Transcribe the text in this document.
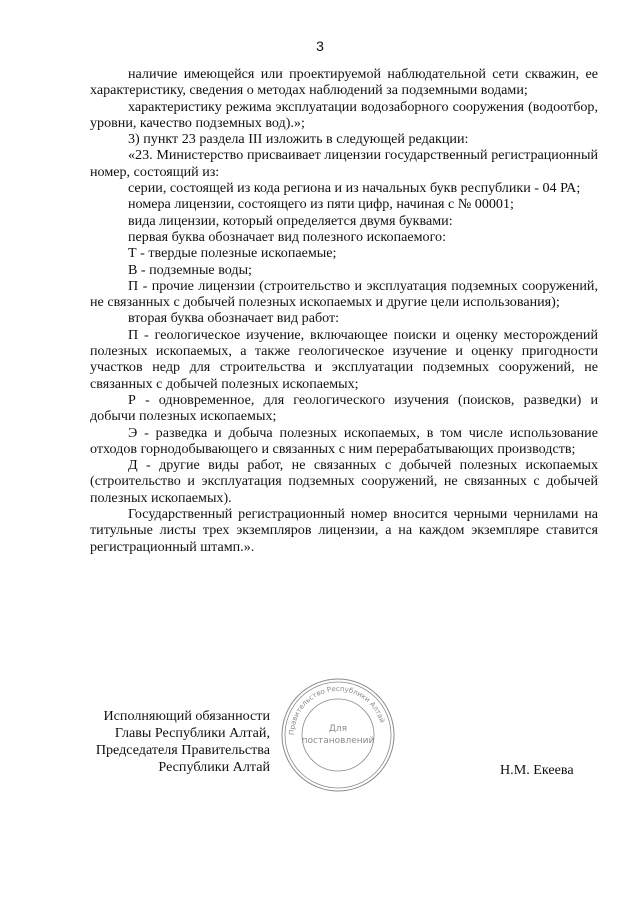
3

наличие имеющейся или проектируемой наблюдательной сети скважин, ее характеристику, сведения о методах наблюдений за подземными водами;

характеристику режима эксплуатации водозаборного сооружения (водоотбор, уровни, качество подземных вод).»;

3) пункт 23 раздела III изложить в следующей редакции:

«23. Министерство присваивает лицензии государственный регистрационный номер, состоящий из:

серии, состоящей из кода региона и из начальных букв республики - 04 РА;

номера лицензии, состоящего из пяти цифр, начиная с № 00001;

вида лицензии, который определяется двумя буквами:

первая буква обозначает вид полезного ископаемого:

Т - твердые полезные ископаемые;

В - подземные воды;

П - прочие лицензии (строительство и эксплуатация подземных сооружений, не связанных с добычей полезных ископаемых и другие цели использования);

вторая буква обозначает вид работ:

П - геологическое изучение, включающее поиски и оценку месторождений полезных ископаемых, а также геологическое изучение и оценку пригодности участков недр для строительства и эксплуатации подземных сооружений, не связанных с добычей полезных ископаемых;

Р - одновременное, для геологического изучения (поисков, разведки) и добычи полезных ископаемых;

Э - разведка и добыча полезных ископаемых, в том числе использование отходов горнодобывающего и связанных с ним перерабатывающих производств;

Д - другие виды работ, не связанных с добычей полезных ископаемых (строительство и эксплуатация подземных сооружений, не связанных с добычей полезных ископаемых).

Государственный регистрационный номер вносится черными чернилами на титульные листы трех экземпляров лицензии, а на каждом экземпляре ставится регистрационный штамп.».

Исполняющий обязанности
Главы Республики Алтай,
Председателя Правительства
Республики Алтай
Правительство Республики Алтай
Для
постановлений
Н.М. Екеева
